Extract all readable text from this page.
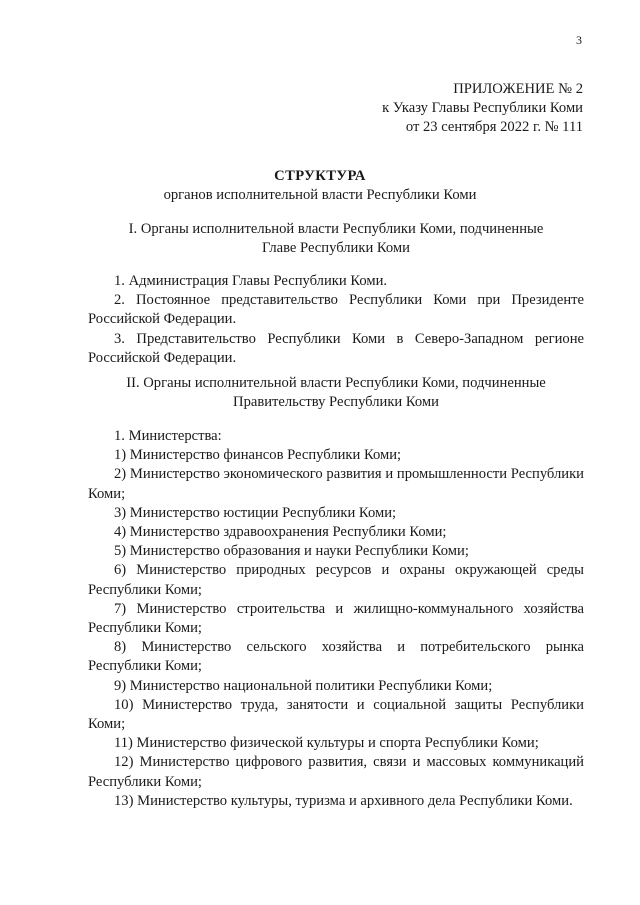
3
ПРИЛОЖЕНИЕ № 2
к Указу Главы Республики Коми
от 23 сентября 2022 г. № 111
СТРУКТУРА
органов исполнительной власти Республики Коми
I. Органы исполнительной власти Республики Коми, подчиненные
Главе Республики Коми

1. Администрация Главы Республики Коми.

2. Постоянное представительство Республики Коми при Президенте Российской Федерации.

3. Представительство Республики Коми в Северо-Западном регионе Российской Федерации.

II. Органы исполнительной власти Республики Коми, подчиненные
Правительству Республики Коми

1. Министерства:

1) Министерство финансов Республики Коми;

2) Министерство экономического развития и промышленности Республики Коми;

3) Министерство юстиции Республики Коми;

4) Министерство здравоохранения Республики Коми;

5) Министерство образования и науки Республики Коми;

6) Министерство природных ресурсов и охраны окружающей среды Республики Коми;

7) Министерство строительства и жилищно-коммунального хозяйства Республики Коми;

8) Министерство сельского хозяйства и потребительского рынка Республики Коми;

9) Министерство национальной политики Республики Коми;

10) Министерство труда, занятости и социальной защиты Республики Коми;

11) Министерство физической культуры и спорта Республики Коми;

12) Министерство цифрового развития, связи и массовых коммуникаций Республики Коми;

13) Министерство культуры, туризма и архивного дела Республики Коми.
